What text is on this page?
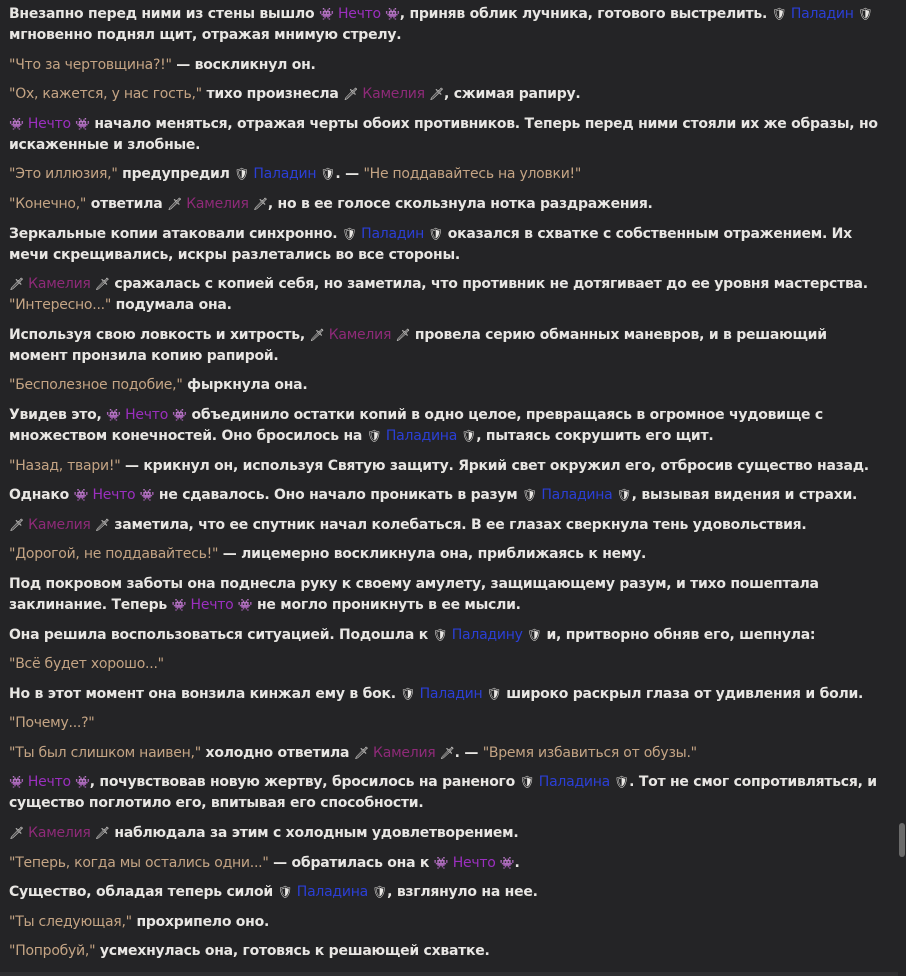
Внезапно перед ними из стены вышло 👾 Нечто 👾, приняв облик лучника, готового выстрелить. 🛡 Паладин 🛡 мгновенно поднял щит, отражая мнимую стрелу.

"Что за чертовщина?!" — воскликнул он.

"Ох, кажется, у нас гость," тихо произнесла 🗡 Камелия 🗡, сжимая рапиру.

👾 Нечто 👾 начало меняться, отражая черты обоих противников. Теперь перед ними стояли их же образы, но искаженные и злобные.

"Это иллюзия," предупредил 🛡 Паладин 🛡. — "Не поддавайтесь на уловки!"

"Конечно," ответила 🗡 Камелия 🗡, но в ее голосе скользнула нотка раздражения.

Зеркальные копии атаковали синхронно. 🛡 Паладин 🛡 оказался в схватке с собственным отражением. Их мечи скрещивались, искры разлетались во все стороны.

🗡 Камелия 🗡 сражалась с копией себя, но заметила, что противник не дотягивает до ее уровня мастерства. "Интересно..." подумала она.

Используя свою ловкость и хитрость, 🗡 Камелия 🗡 провела серию обманных маневров, и в решающий момент пронзила копию рапирой.

"Бесполезное подобие," фыркнула она.

Увидев это, 👾 Нечто 👾 объединило остатки копий в одно целое, превращаясь в огромное чудовище с множеством конечностей. Оно бросилось на 🛡 Паладина 🛡, пытаясь сокрушить его щит.

"Назад, твари!" — крикнул он, используя Святую защиту. Яркий свет окружил его, отбросив существо назад.

Однако 👾 Нечто 👾 не сдавалось. Оно начало проникать в разум 🛡 Паладина 🛡, вызывая видения и страхи.

🗡 Камелия 🗡 заметила, что ее спутник начал колебаться. В ее глазах сверкнула тень удовольствия.

"Дорогой, не поддавайтесь!" — лицемерно воскликнула она, приближаясь к нему.

Под покровом заботы она поднесла руку к своему амулету, защищающему разум, и тихо пошептала заклинание. Теперь 👾 Нечто 👾 не могло проникнуть в ее мысли.

Она решила воспользоваться ситуацией. Подошла к 🛡 Паладину 🛡 и, притворно обняв его, шепнула:

"Всё будет хорошо..."

Но в этот момент она вонзила кинжал ему в бок. 🛡 Паладин 🛡 широко раскрыл глаза от удивления и боли.

"Почему...?"

"Ты был слишком наивен," холодно ответила 🗡 Камелия 🗡. — "Время избавиться от обузы."

👾 Нечто 👾, почувствовав новую жертву, бросилось на раненого 🛡 Паладина 🛡. Тот не смог сопротивляться, и существо поглотило его, впитывая его способности.

🗡 Камелия 🗡 наблюдала за этим с холодным удовлетворением.

"Теперь, когда мы остались одни..." — обратилась она к 👾 Нечто 👾.

Существо, обладая теперь силой 🛡 Паладина 🛡, взглянуло на нее.

"Ты следующая," прохрипело оно.

"Попробуй," усмехнулась она, готовясь к решающей схватке.
